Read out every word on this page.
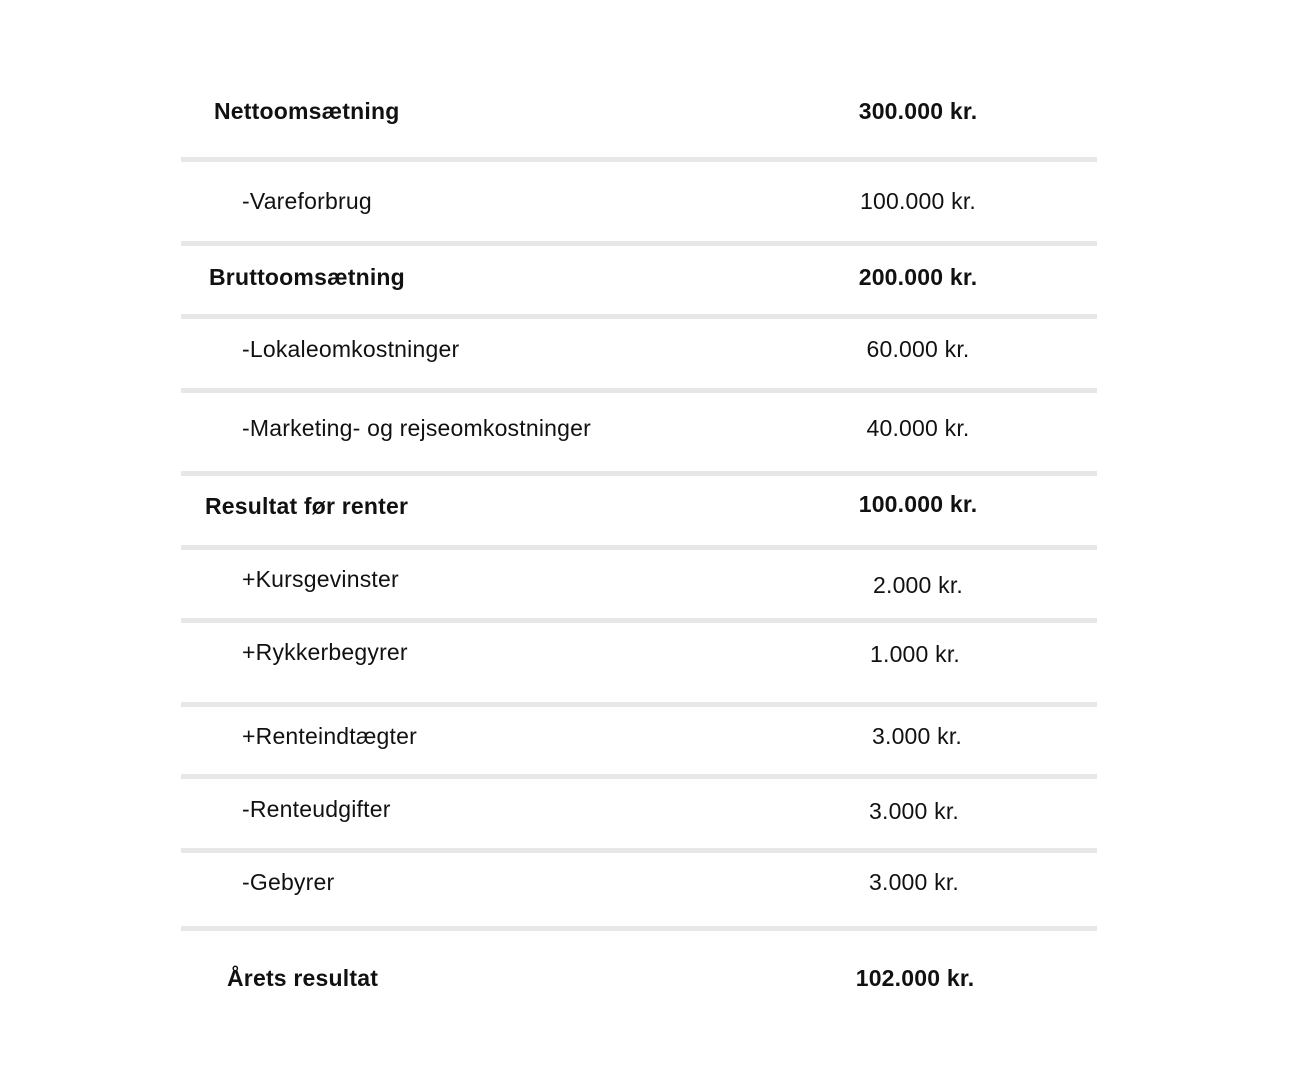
Nettoomsætning	300.000 kr.
-Vareforbrug	100.000 kr.
Bruttoomsætning	200.000 kr.
-Lokaleomkostninger	60.000 kr.
-Marketing- og rejseomkostninger	40.000 kr.
Resultat før renter	100.000 kr.
+Kursgevinster	2.000 kr.
+Rykkerbegyrer	1.000 kr.
+Renteindtægter	3.000 kr.
-Renteudgifter	3.000 kr.
-Gebyrer	3.000 kr.
Årets resultat	102.000 kr.
